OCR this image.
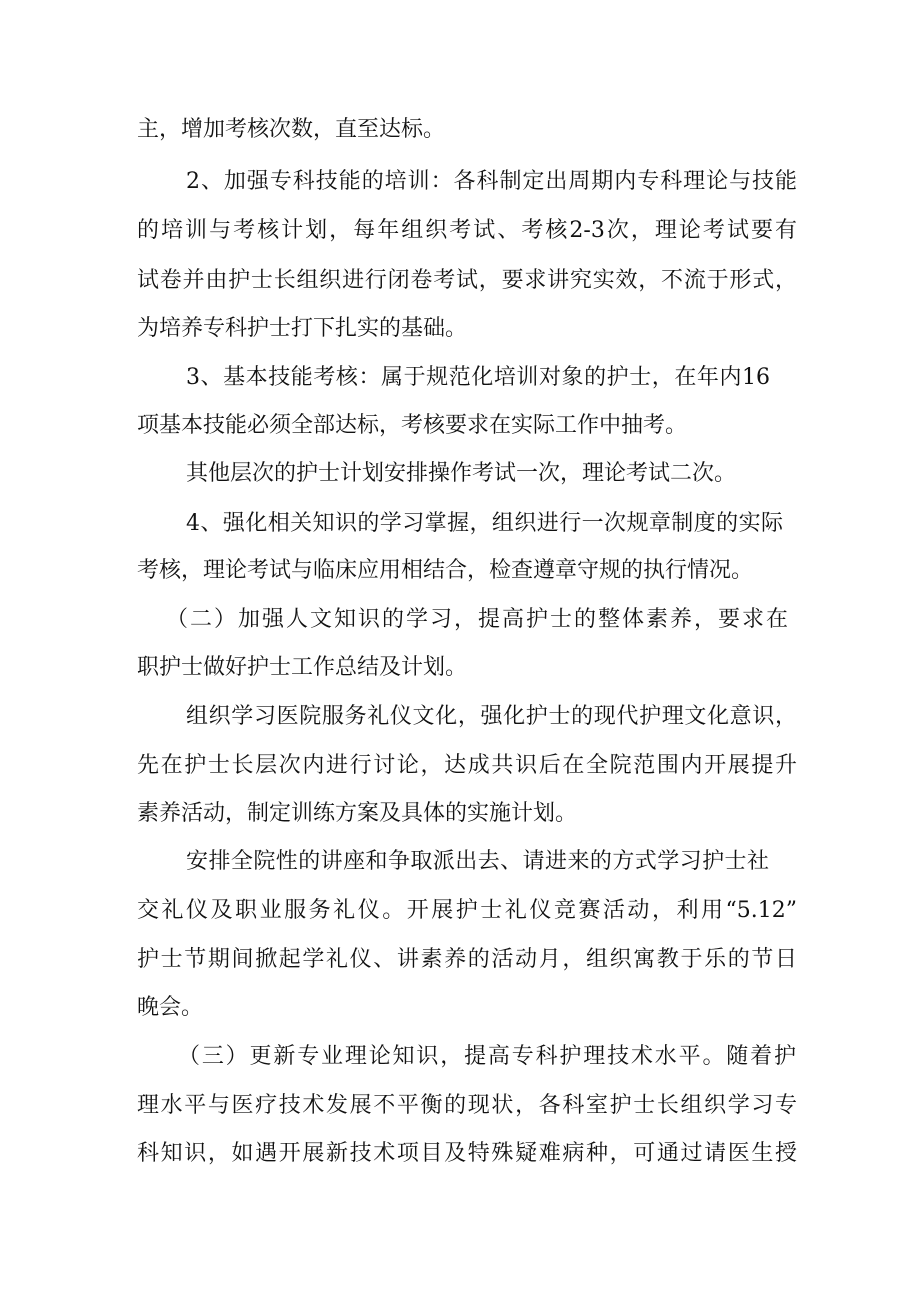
主，增加考核次数，直至达标。
2、加强专科技能的培训：各科制定出周期内专科理论与技能
的培训与考核计划，每年组织考试、考核2-3次，理论考试要有
试卷并由护士长组织进行闭卷考试，要求讲究实效，不流于形式，
为培养专科护士打下扎实的基础。
3、基本技能考核：属于规范化培训对象的护士，在年内16
项基本技能必须全部达标，考核要求在实际工作中抽考。
其他层次的护士计划安排操作考试一次，理论考试二次。
4、强化相关知识的学习掌握，组织进行一次规章制度的实际
考核，理论考试与临床应用相结合，检查遵章守规的执行情况。
（二）加强人文知识的学习，提高护士的整体素养，要求在
职护士做好护士工作总结及计划。
组织学习医院服务礼仪文化，强化护士的现代护理文化意识，
先在护士长层次内进行讨论，达成共识后在全院范围内开展提升
素养活动，制定训练方案及具体的实施计划。
安排全院性的讲座和争取派出去、请进来的方式学习护士社
交礼仪及职业服务礼仪。开展护士礼仪竞赛活动，利用“5.12”
护士节期间掀起学礼仪、讲素养的活动月，组织寓教于乐的节日
晚会。
（三）更新专业理论知识，提高专科护理技术水平。随着护
理水平与医疗技术发展不平衡的现状，各科室护士长组织学习专
科知识，如遇开展新技术项目及特殊疑难病种，可通过请医生授
